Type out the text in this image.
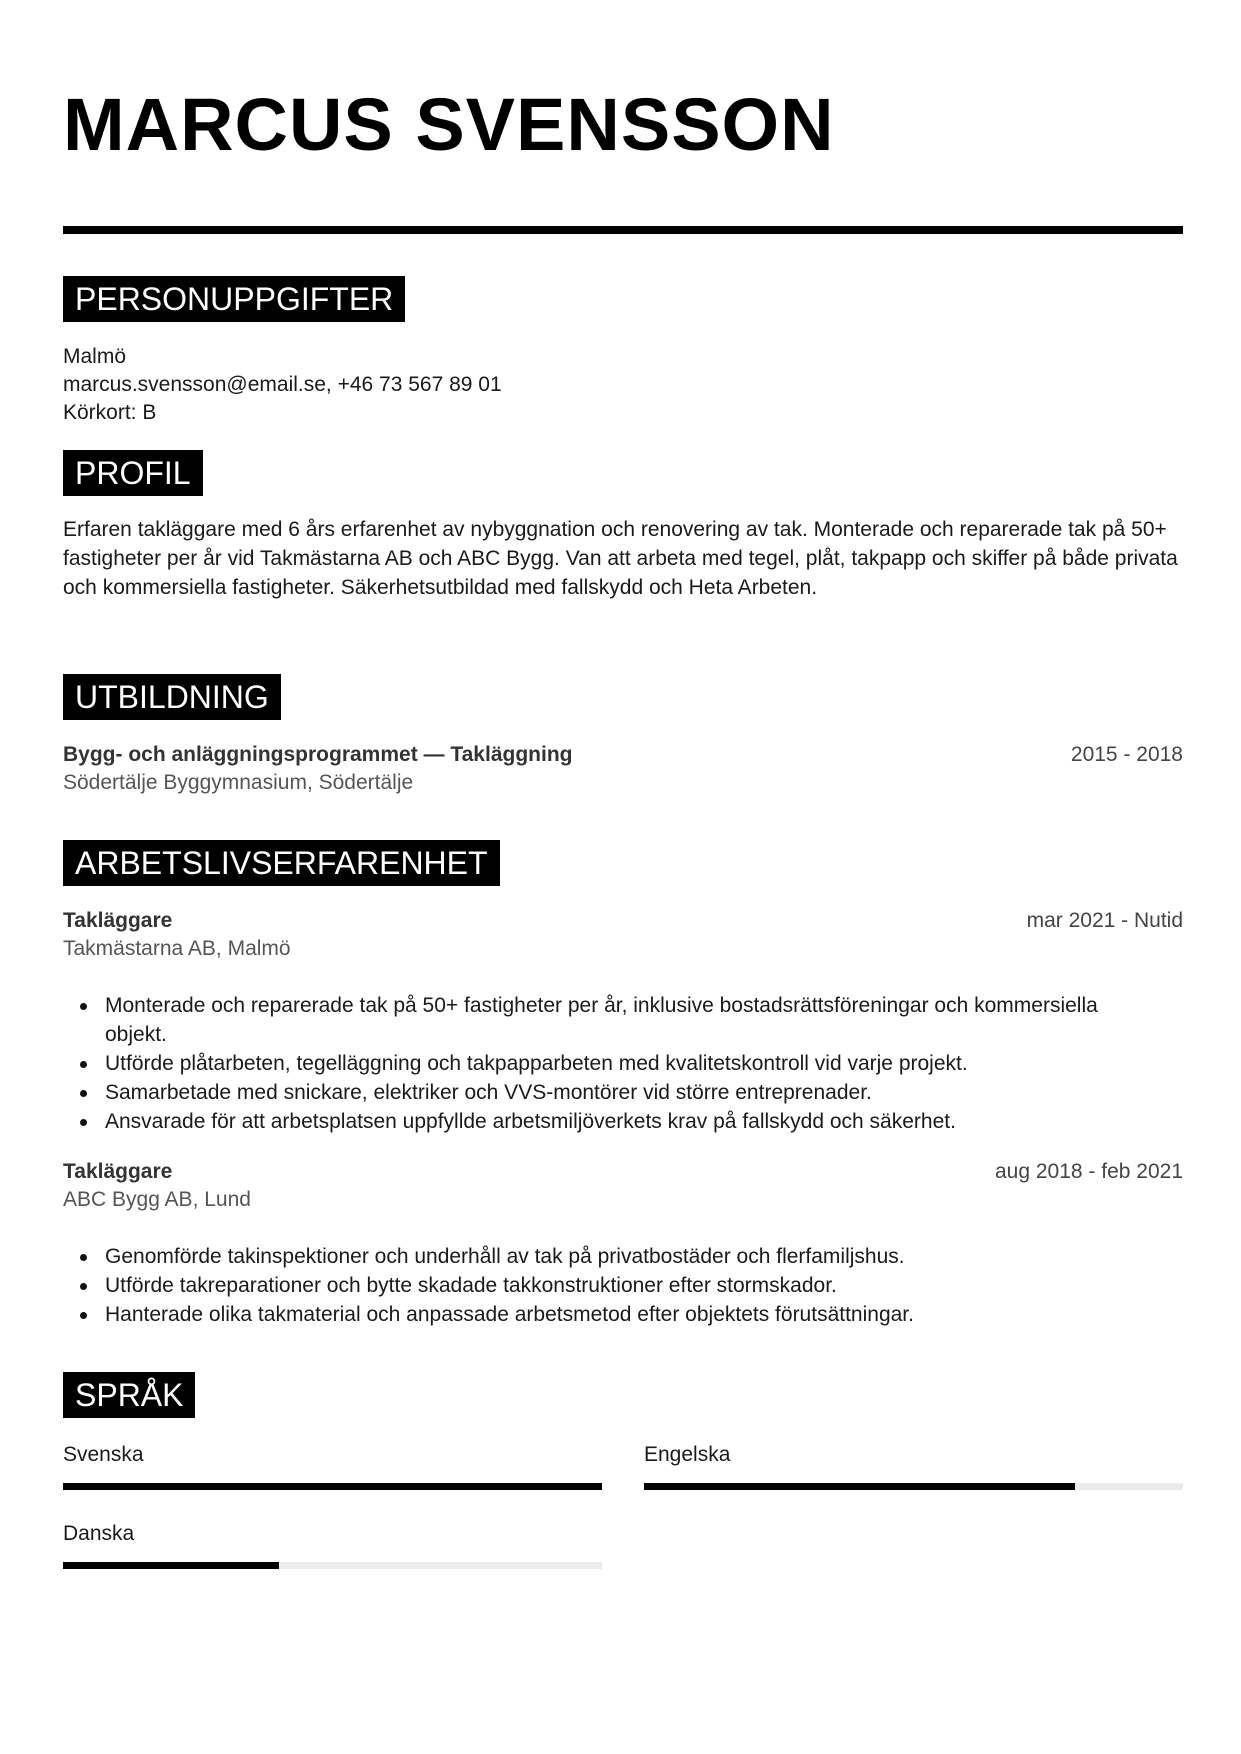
MARCUS SVENSSON
PERSONUPPGIFTER
Malmö
marcus.svensson@email.se, +46 73 567 89 01
Körkort: B
PROFIL

Erfaren takläggare med 6 års erfarenhet av nybyggnation och renovering av tak. Monterade och reparerade tak på 50+ fastigheter per år vid Takmästarna AB och ABC Bygg. Van att arbeta med tegel, plåt, takpapp och skiffer på både privata och kommersiella fastigheter. Säkerhetsutbildad med fallskydd och Heta Arbeten.

UTBILDNING
Bygg- och anläggningsprogrammet — Takläggning	2015 - 2018
Södertälje Byggymnasium, Södertälje
ARBETSLIVSERFARENHET
Takläggare	mar 2021 - Nutid
Takmästarna AB, Malmö
Monterade och reparerade tak på 50+ fastigheter per år, inklusive bostadsrättsföreningar och kommersiella objekt.
Utförde plåtarbeten, tegelläggning och takpapparbeten med kvalitetskontroll vid varje projekt.
Samarbetade med snickare, elektriker och VVS-montörer vid större entreprenader.
Ansvarade för att arbetsplatsen uppfyllde arbetsmiljöverkets krav på fallskydd och säkerhet.
Takläggare	aug 2018 - feb 2021
ABC Bygg AB, Lund
Genomförde takinspektioner och underhåll av tak på privatbostäder och flerfamiljshus.
Utförde takreparationer och bytte skadade takkonstruktioner efter stormskador.
Hanterade olika takmaterial och anpassade arbetsmetod efter objektets förutsättningar.
SPRÅK
Svenska	Engelska
Danska
